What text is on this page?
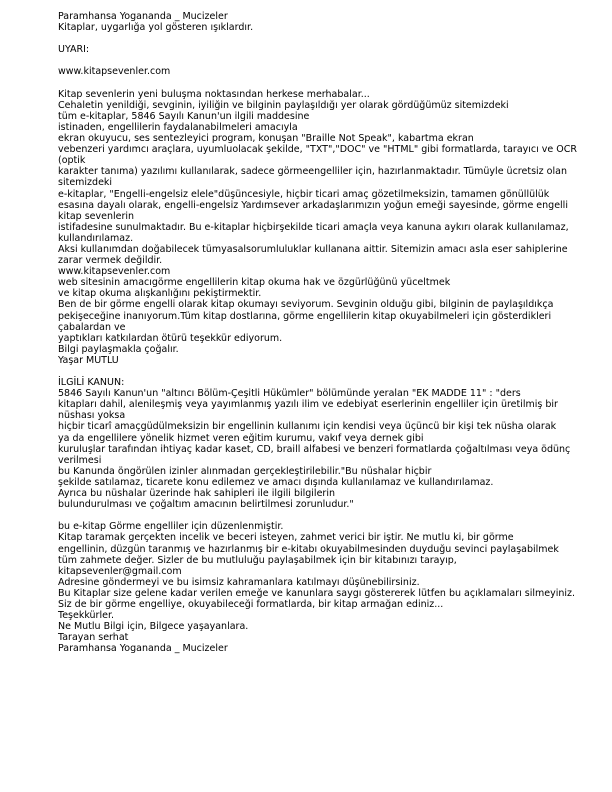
Paramhansa Yogananda _ Mucizeler
Kitaplar, uygarlığa yol gösteren ışıklardır.
UYARI:
www.kitapsevenler.com
Kitap sevenlerin yeni buluşma noktasından herkese merhabalar...
Cehaletin yenildiği, sevginin, iyiliğin ve bilginin paylaşıldığı yer olarak gördüğümüz sitemizdeki
tüm e-kitaplar, 5846 Sayılı Kanun'un ilgili maddesine
istinaden, engellilerin faydalanabilmeleri amacıyla
ekran okuyucu, ses sentezleyici program, konuşan "Braille Not Speak", kabartma ekran
vebenzeri yardımcı araçlara, uyumluolacak şekilde, "TXT","DOC" ve "HTML" gibi formatlarda, tarayıcı ve OCR
(optik
karakter tanıma) yazılımı kullanılarak, sadece görmeengelliler için, hazırlanmaktadır. Tümüyle ücretsiz olan
sitemizdeki
e-kitaplar, "Engelli-engelsiz elele"düşüncesiyle, hiçbir ticari amaç gözetilmeksizin, tamamen gönüllülük
esasına dayalı olarak, engelli-engelsiz Yardımsever arkadaşlarımızın yoğun emeği sayesinde, görme engelli
kitap sevenlerin
istifadesine sunulmaktadır. Bu e-kitaplar hiçbirşekilde ticari amaçla veya kanuna aykırı olarak kullanılamaz,
kullandırılamaz.
Aksi kullanımdan doğabilecek tümyasalsorumluluklar kullanana aittir. Sitemizin amacı asla eser sahiplerine
zarar vermek değildir.
www.kitapsevenler.com
web sitesinin amacıgörme engellilerin kitap okuma hak ve özgürlüğünü yüceltmek
ve kitap okuma alışkanlığını pekiştirmektir.
Ben de bir görme engelli olarak kitap okumayı seviyorum. Sevginin olduğu gibi, bilginin de paylaşıldıkça
pekişeceğine inanıyorum.Tüm kitap dostlarına, görme engellilerin kitap okuyabilmeleri için gösterdikleri
çabalardan ve
yaptıkları katkılardan ötürü teşekkür ediyorum.
Bilgi paylaşmakla çoğalır.
Yaşar MUTLU
İLGİLİ KANUN:
5846 Sayılı Kanun'un "altıncı Bölüm-Çeşitli Hükümler" bölümünde yeralan "EK MADDE 11" : "ders
kitapları dahil, alenileşmiş veya yayımlanmış yazılı ilim ve edebiyat eserlerinin engelliler için üretilmiş bir
nüshası yoksa
hiçbir ticarî amaçgüdülmeksizin bir engellinin kullanımı için kendisi veya üçüncü bir kişi tek nüsha olarak
ya da engellilere yönelik hizmet veren eğitim kurumu, vakıf veya dernek gibi
kuruluşlar tarafından ihtiyaç kadar kaset, CD, braill alfabesi ve benzeri formatlarda çoğaltılması veya ödünç
verilmesi
bu Kanunda öngörülen izinler alınmadan gerçekleştirilebilir."Bu nüshalar hiçbir
şekilde satılamaz, ticarete konu edilemez ve amacı dışında kullanılamaz ve kullandırılamaz.
Ayrıca bu nüshalar üzerinde hak sahipleri ile ilgili bilgilerin
bulundurulması ve çoğaltım amacının belirtilmesi zorunludur."
bu e-kitap Görme engelliler için düzenlenmiştir.
Kitap taramak gerçekten incelik ve beceri isteyen, zahmet verici bir iştir. Ne mutlu ki, bir görme
engellinin, düzgün taranmış ve hazırlanmış bir e-kitabı okuyabilmesinden duyduğu sevinci paylaşabilmek
tüm zahmete değer. Sizler de bu mutluluğu paylaşabilmek için bir kitabınızı tarayıp,
kitapsevenler@gmail.com
Adresine göndermeyi ve bu isimsiz kahramanlara katılmayı düşünebilirsiniz.
Bu Kitaplar size gelene kadar verilen emeğe ve kanunlara saygı göstererek lütfen bu açıklamaları silmeyiniz.
Siz de bir görme engelliye, okuyabileceği formatlarda, bir kitap armağan ediniz...
Teşekkürler.
Ne Mutlu Bilgi için, Bilgece yaşayanlara.
Tarayan serhat
Paramhansa Yogananda _ Mucizeler
